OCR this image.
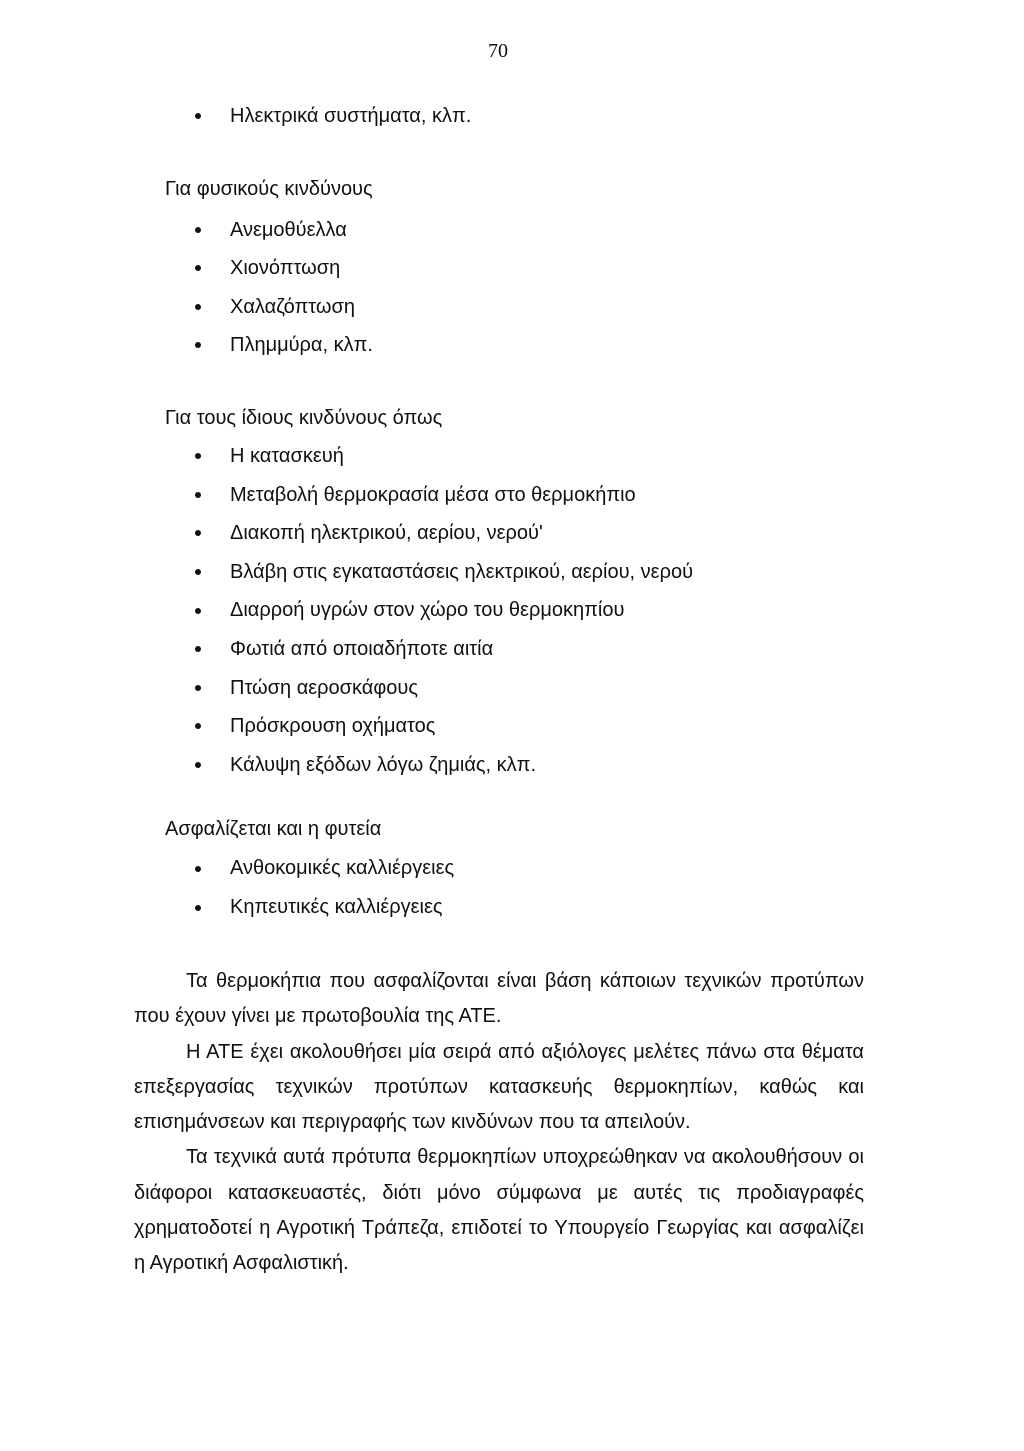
70
Ηλεκτρικά συστήματα, κλπ.
Για φυσικούς κινδύνους
Ανεμοθύελλα
Χιονόπτωση
Χαλαζόπτωση
Πλημμύρα, κλπ.
Για τους ίδιους κινδύνους όπως
Η κατασκευή
Μεταβολή θερμοκρασία μέσα στο θερμοκήπιο
Διακοπή ηλεκτρικού, αερίου, νερού'
Βλάβη στις εγκαταστάσεις ηλεκτρικού, αερίου, νερού
Διαρροή υγρών στον χώρο του θερμοκηπίου
Φωτιά από οποιαδήποτε αιτία
Πτώση αεροσκάφους
Πρόσκρουση οχήματος
Κάλυψη εξόδων λόγω ζημιάς, κλπ.
Ασφαλίζεται και η φυτεία
Ανθοκομικές καλλιέργειες
Κηπευτικές καλλιέργειες

Τα θερμοκήπια που ασφαλίζονται είναι βάση κάποιων τεχνικών προτύπων που έχουν γίνει με πρωτοβουλία της ΑΤΕ.

Η ΑΤΕ έχει ακολουθήσει μία σειρά από αξιόλογες μελέτες πάνω στα θέματα επεξεργασίας τεχνικών προτύπων κατασκευής θερμοκηπίων, καθώς και επισημάνσεων και περιγραφής των κινδύνων που τα απειλούν.

Τα τεχνικά αυτά πρότυπα θερμοκηπίων υποχρεώθηκαν να ακολουθήσουν οι διάφοροι κατασκευαστές, διότι μόνο σύμφωνα με αυτές τις προδιαγραφές χρηματοδοτεί η Αγροτική Τράπεζα, επιδοτεί το Υπουργείο Γεωργίας και ασφαλίζει η Αγροτική Ασφαλιστική.
